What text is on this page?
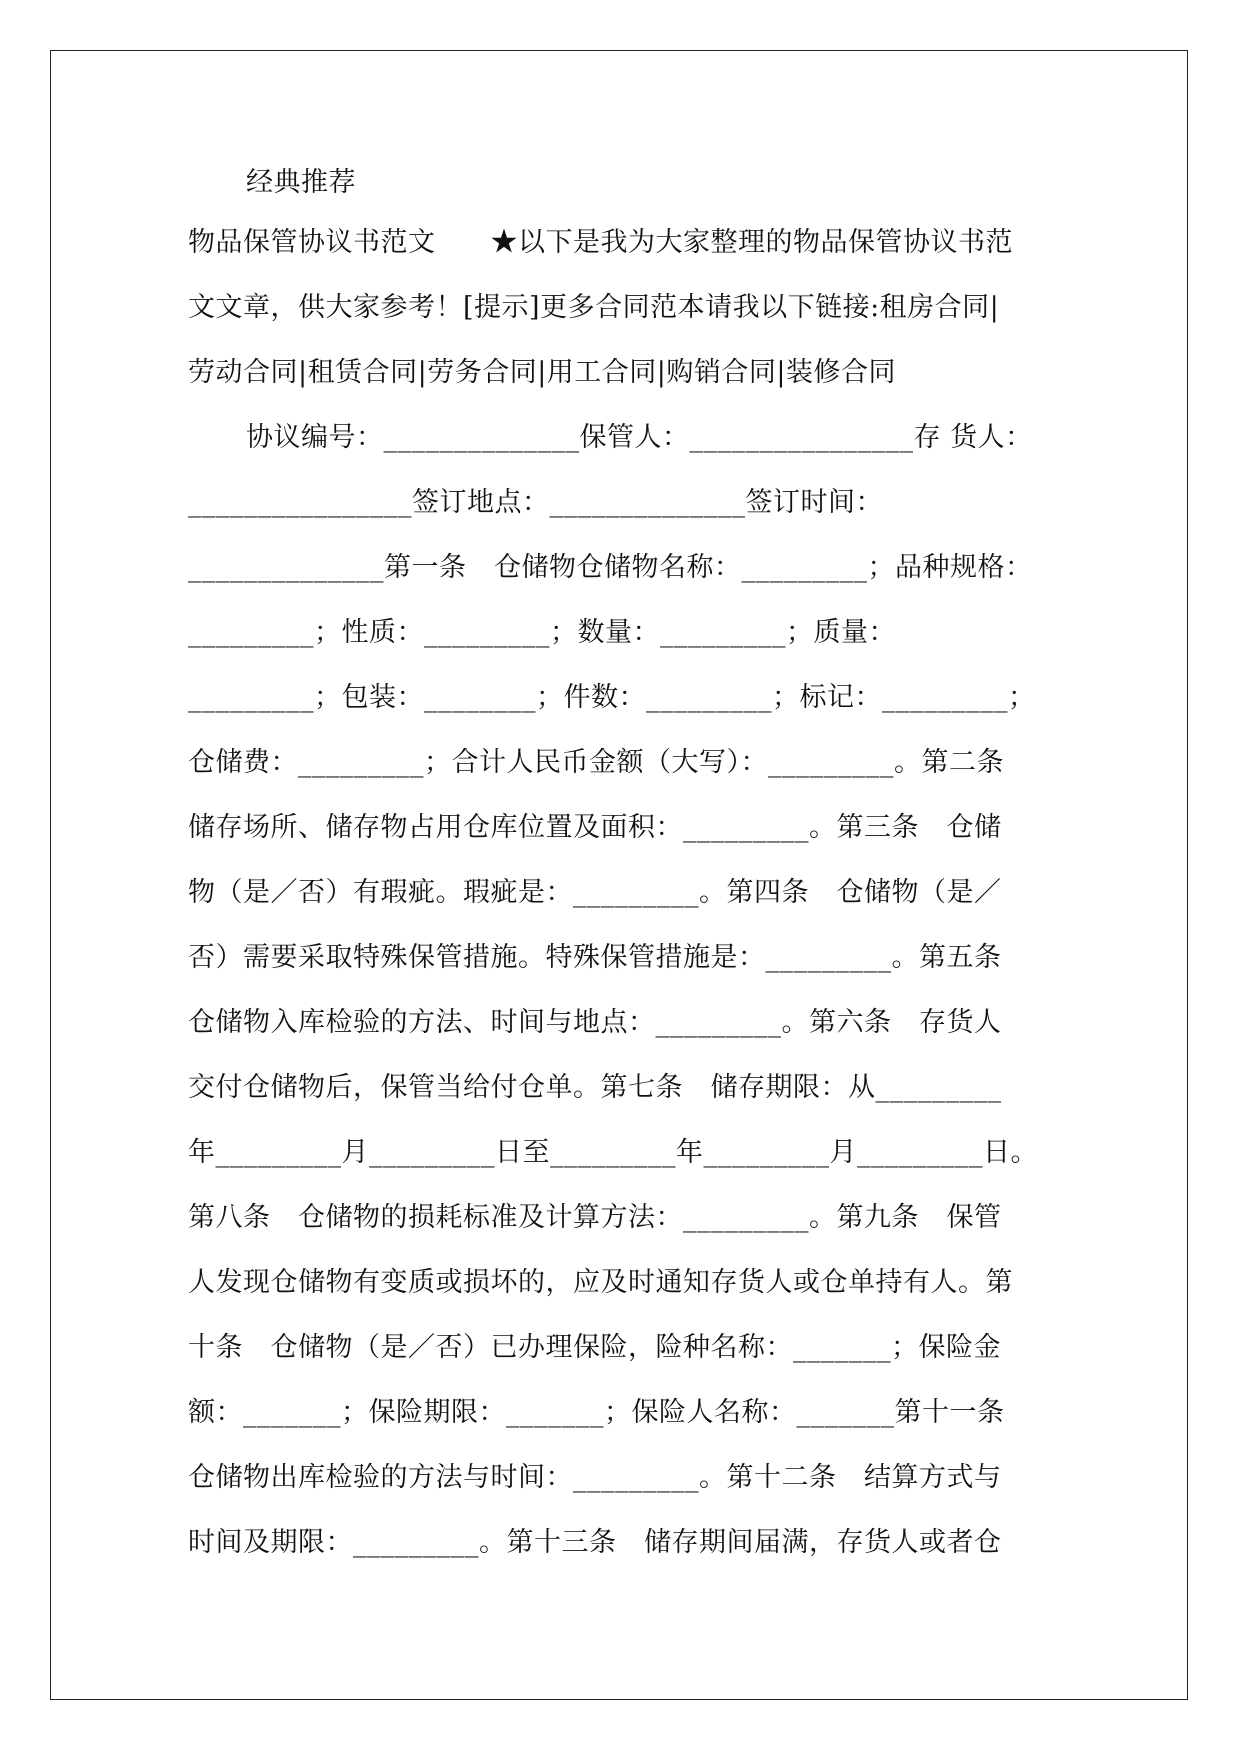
经典推荐
物品保管协议书范文　　★以下是我为大家整理的物品保管协议书范
文文章，供大家参考！[提示]更多合同范本请我以下链接:租房合同|
劳动合同|租赁合同|劳务合同|用工合同|购销合同|装修合同
协议编号：______________保管人：________________存 货人：
________________签订地点：______________签订时间：
______________第一条　仓储物仓储物名称：_________；品种规格：
_________；性质：_________；数量：_________；质量：
_________；包装：________；件数：_________；标记：_________；
仓储费：_________；合计人民币金额（大写）：_________。第二条
储存场所、储存物占用仓库位置及面积：_________。第三条　仓储
物（是／否）有瑕疵。瑕疵是：_________。第四条　仓储物（是／
否）需要采取特殊保管措施。特殊保管措施是：_________。第五条
仓储物入库检验的方法、时间与地点：_________。第六条　存货人
交付仓储物后，保管当给付仓单。第七条　储存期限：从_________
年_________月_________日至_________年_________月_________日。
第八条　仓储物的损耗标准及计算方法：_________。第九条　保管
人发现仓储物有变质或损坏的，应及时通知存货人或仓单持有人。第
十条　仓储物（是／否）已办理保险，险种名称：_______；保险金
额：_______；保险期限：_______；保险人名称：_______第十一条
仓储物出库检验的方法与时间：_________。第十二条　结算方式与
时间及期限：_________。第十三条　储存期间届满，存货人或者仓
